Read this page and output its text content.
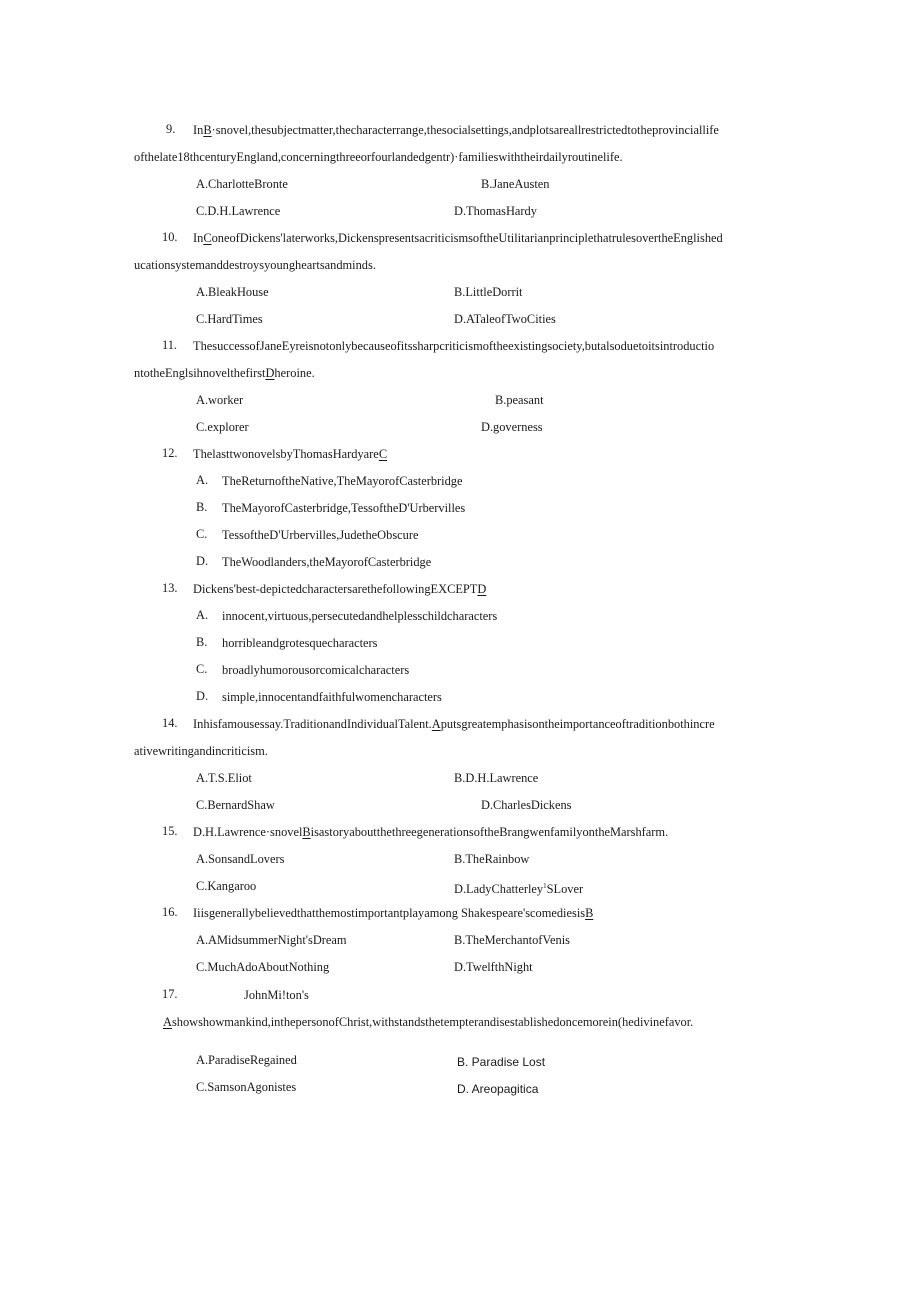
9. InB·snovel,thesubjectmatter,thecharacterrange,thesocialsettings,andplotsareallrestrictedtotheprovinciallife
ofthelate18thcenturyEngland,concerningthreeorfourlandedgentr)·familieswiththeirdailyroutinelife.
A.CharlotteBronte	B.JaneAusten
C.D.H.Lawrence	D.ThomasHardy
10. InConeofDickens'laterworks,DickenspresentsacriticismsoftheUtilitarianprinciplethatrulesovertheEnglished
ucationsystemanddestroysyoungheartsandminds.
A.BleakHouse	B.LittleDorrit
C.HardTimes	D.ATaleofTwoCities
11. ThesuccessofJaneEyreisnotonlybecauseofitssharpcriticismoftheexistingsociety,butalsoduetoitsintroductio
ntotheEnglsihnovelthefirstDheroine.
A.worker	B.peasant
C.explorer	D.governess
12. ThelasttwonovelsbyThomasHardyareC
A. TheReturnoftheNative,TheMayorofCasterbridge
B. TheMayorofCasterbridge,TessoftheD'Urbervilles
C. TessoftheD'Urbervilles,JudetheObscure
D. TheWoodlanders,theMayorofCasterbridge
13. Dickens'best-depictedcharactersarethefollowingEXCEPTD
A. innocent,virtuous,persecutedandhelplesschildcharacters
B. horribleandgrotesquecharacters
C. broadlyhumorousorcomicalcharacters
D. simple,innocentandfaithfulwomencharacters
14. Inhisfamousessay.TraditionandIndividualTalent.Aputsgreatemphasisontheimportanceoftraditionbothincre
ativewritingandincriticism.
A.T.S.Eliot	B.D.H.Lawrence
C.BernardShaw	D.CharlesDickens
15. D.H.Lawrence·snovelBisastoryaboutthethreegenerationsoftheBrangwenfamilyontheMarshfarm.
A.SonsandLovers	B.TheRainbow
C.Kangaroo	D.LadyChatterley$^1$SLover
16. Iiisgenerallybelievedthatthemostimportantplayamong Shakespeare'scomediesisB
A.AMidsummerNight'sDream	B.TheMerchantofVenis
C.MuchAdoAboutNothing	D.TwelfthNight
17.	JohnMi!ton's
Ashowshowmankind,inthepersonofChrist,withstandsthetempterandisestablishedoncemorein(hedivinefavor.
A.ParadiseRegained	B. Paradise Lost
C.SamsonAgonistes	D. Areopagitica
